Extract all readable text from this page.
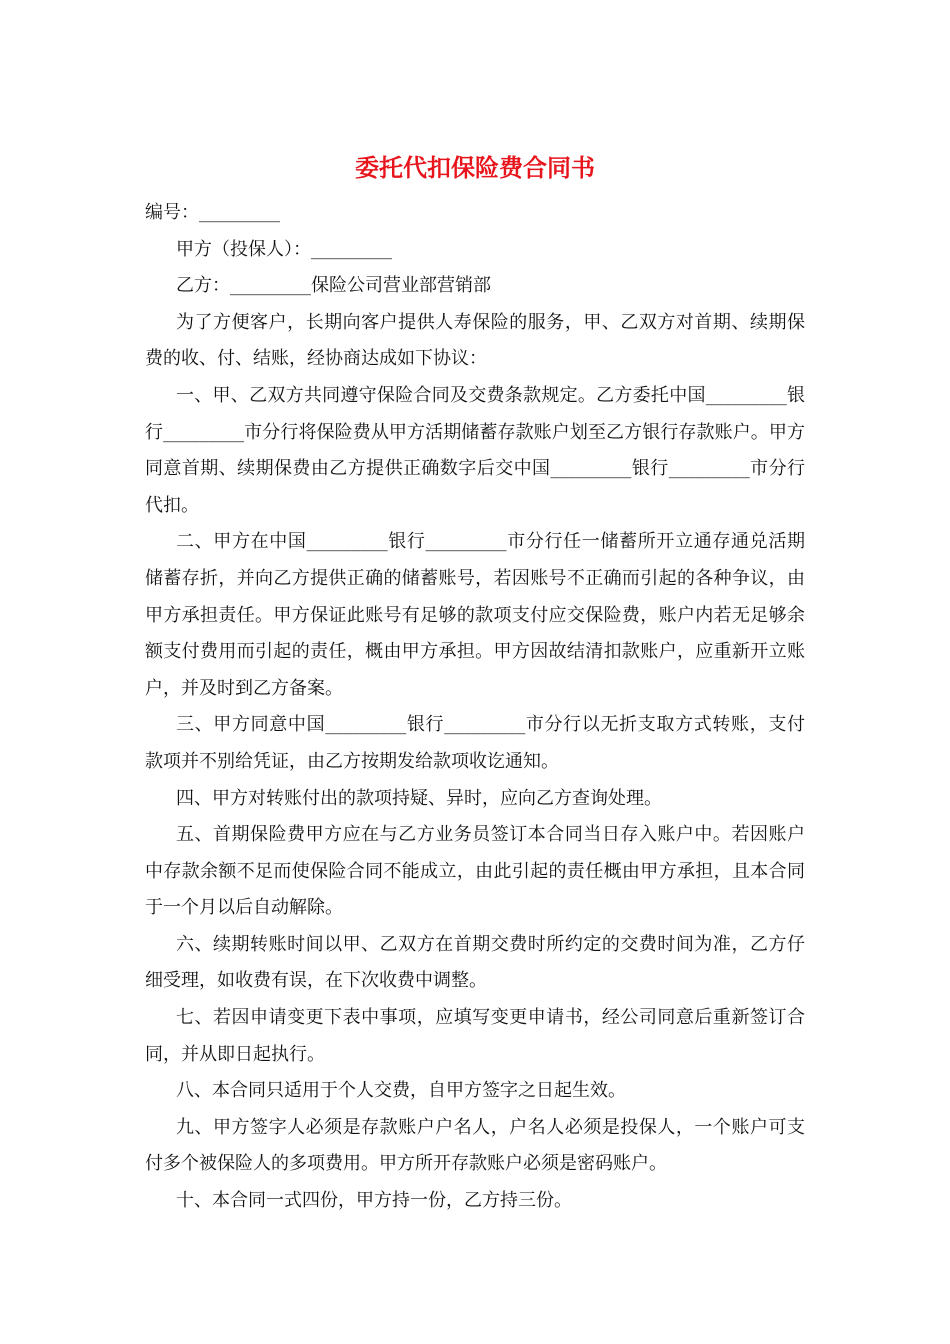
委托代扣保险费合同书

编号：_________

甲方（投保人）：_________

乙方：_________保险公司营业部营销部

为了方便客户，长期向客户提供人寿保险的服务，甲、乙双方对首期、续期保费的收、付、结账，经协商达成如下协议：

一、甲、乙双方共同遵守保险合同及交费条款规定。乙方委托中国_________银行_________市分行将保险费从甲方活期储蓄存款账户划至乙方银行存款账户。甲方同意首期、续期保费由乙方提供正确数字后交中国_________银行_________市分行代扣。

二、甲方在中国_________银行_________市分行任一储蓄所开立通存通兑活期储蓄存折，并向乙方提供正确的储蓄账号，若因账号不正确而引起的各种争议，由甲方承担责任。甲方保证此账号有足够的款项支付应交保险费，账户内若无足够余额支付费用而引起的责任，概由甲方承担。甲方因故结清扣款账户，应重新开立账户，并及时到乙方备案。

三、甲方同意中国_________银行_________市分行以无折支取方式转账，支付款项并不别给凭证，由乙方按期发给款项收讫通知。

四、甲方对转账付出的款项持疑、异时，应向乙方查询处理。

五、首期保险费甲方应在与乙方业务员签订本合同当日存入账户中。若因账户中存款余额不足而使保险合同不能成立，由此引起的责任概由甲方承担，且本合同于一个月以后自动解除。

六、续期转账时间以甲、乙双方在首期交费时所约定的交费时间为准，乙方仔细受理，如收费有误，在下次收费中调整。

七、若因申请变更下表中事项，应填写变更申请书，经公司同意后重新签订合同，并从即日起执行。

八、本合同只适用于个人交费，自甲方签字之日起生效。

九、甲方签字人必须是存款账户户名人，户名人必须是投保人，一个账户可支付多个被保险人的多项费用。甲方所开存款账户必须是密码账户。

十、本合同一式四份，甲方持一份，乙方持三份。
